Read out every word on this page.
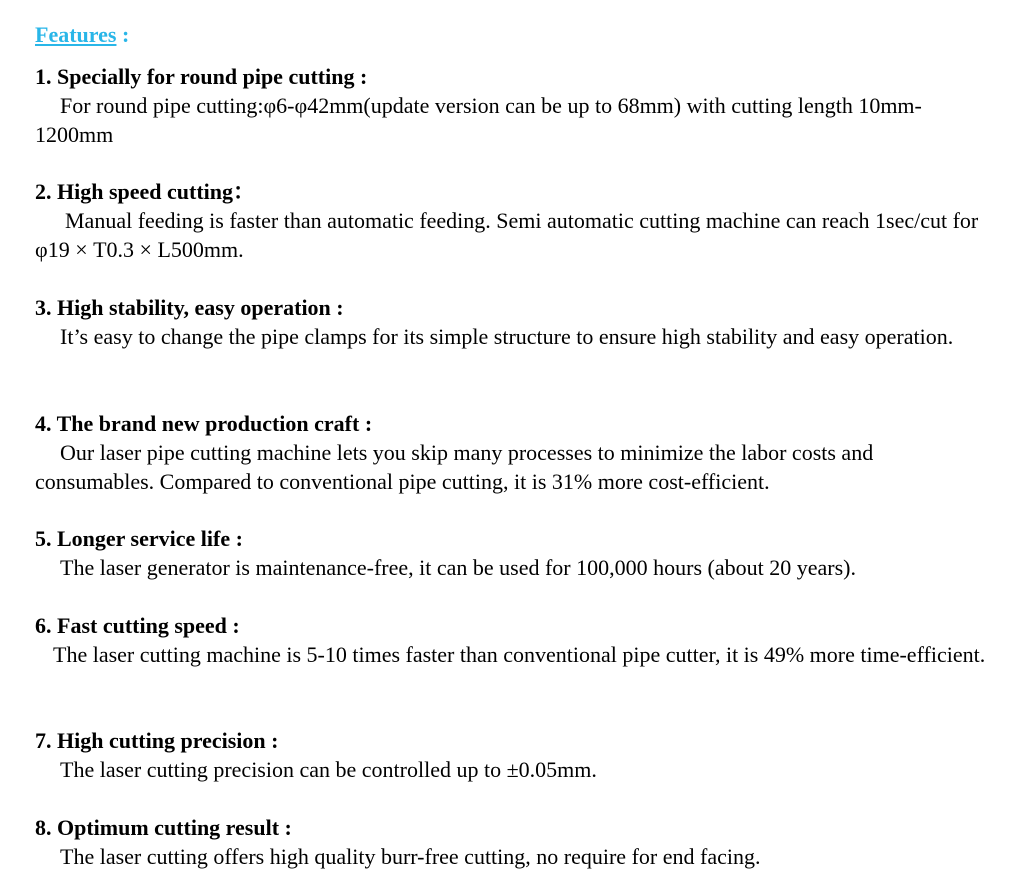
Features :

1. Specially for round pipe cutting :

For round pipe cutting:φ6-φ42mm(update version can be up to 68mm) with cutting length 10mm-1200mm

2. High speed cutting：

Manual feeding is faster than automatic feeding. Semi automatic cutting machine can reach 1sec/cut for φ19 × T0.3 × L500mm.

3. High stability, easy operation :

It’s easy to change the pipe clamps for its simple structure to ensure high stability and easy operation.

4. The brand new production craft :

Our laser pipe cutting machine lets you skip many processes to minimize the labor costs and consumables. Compared to conventional pipe cutting, it is 31% more cost-efficient.

5. Longer service life :

The laser generator is maintenance-free, it can be used for 100,000 hours (about 20 years).

6. Fast cutting speed :

The laser cutting machine is 5-10 times faster than conventional pipe cutter, it is 49% more time-efficient.

7. High cutting precision :

The laser cutting precision can be controlled up to ±0.05mm.

8. Optimum cutting result :

The laser cutting offers high quality burr-free cutting, no require for end facing.
